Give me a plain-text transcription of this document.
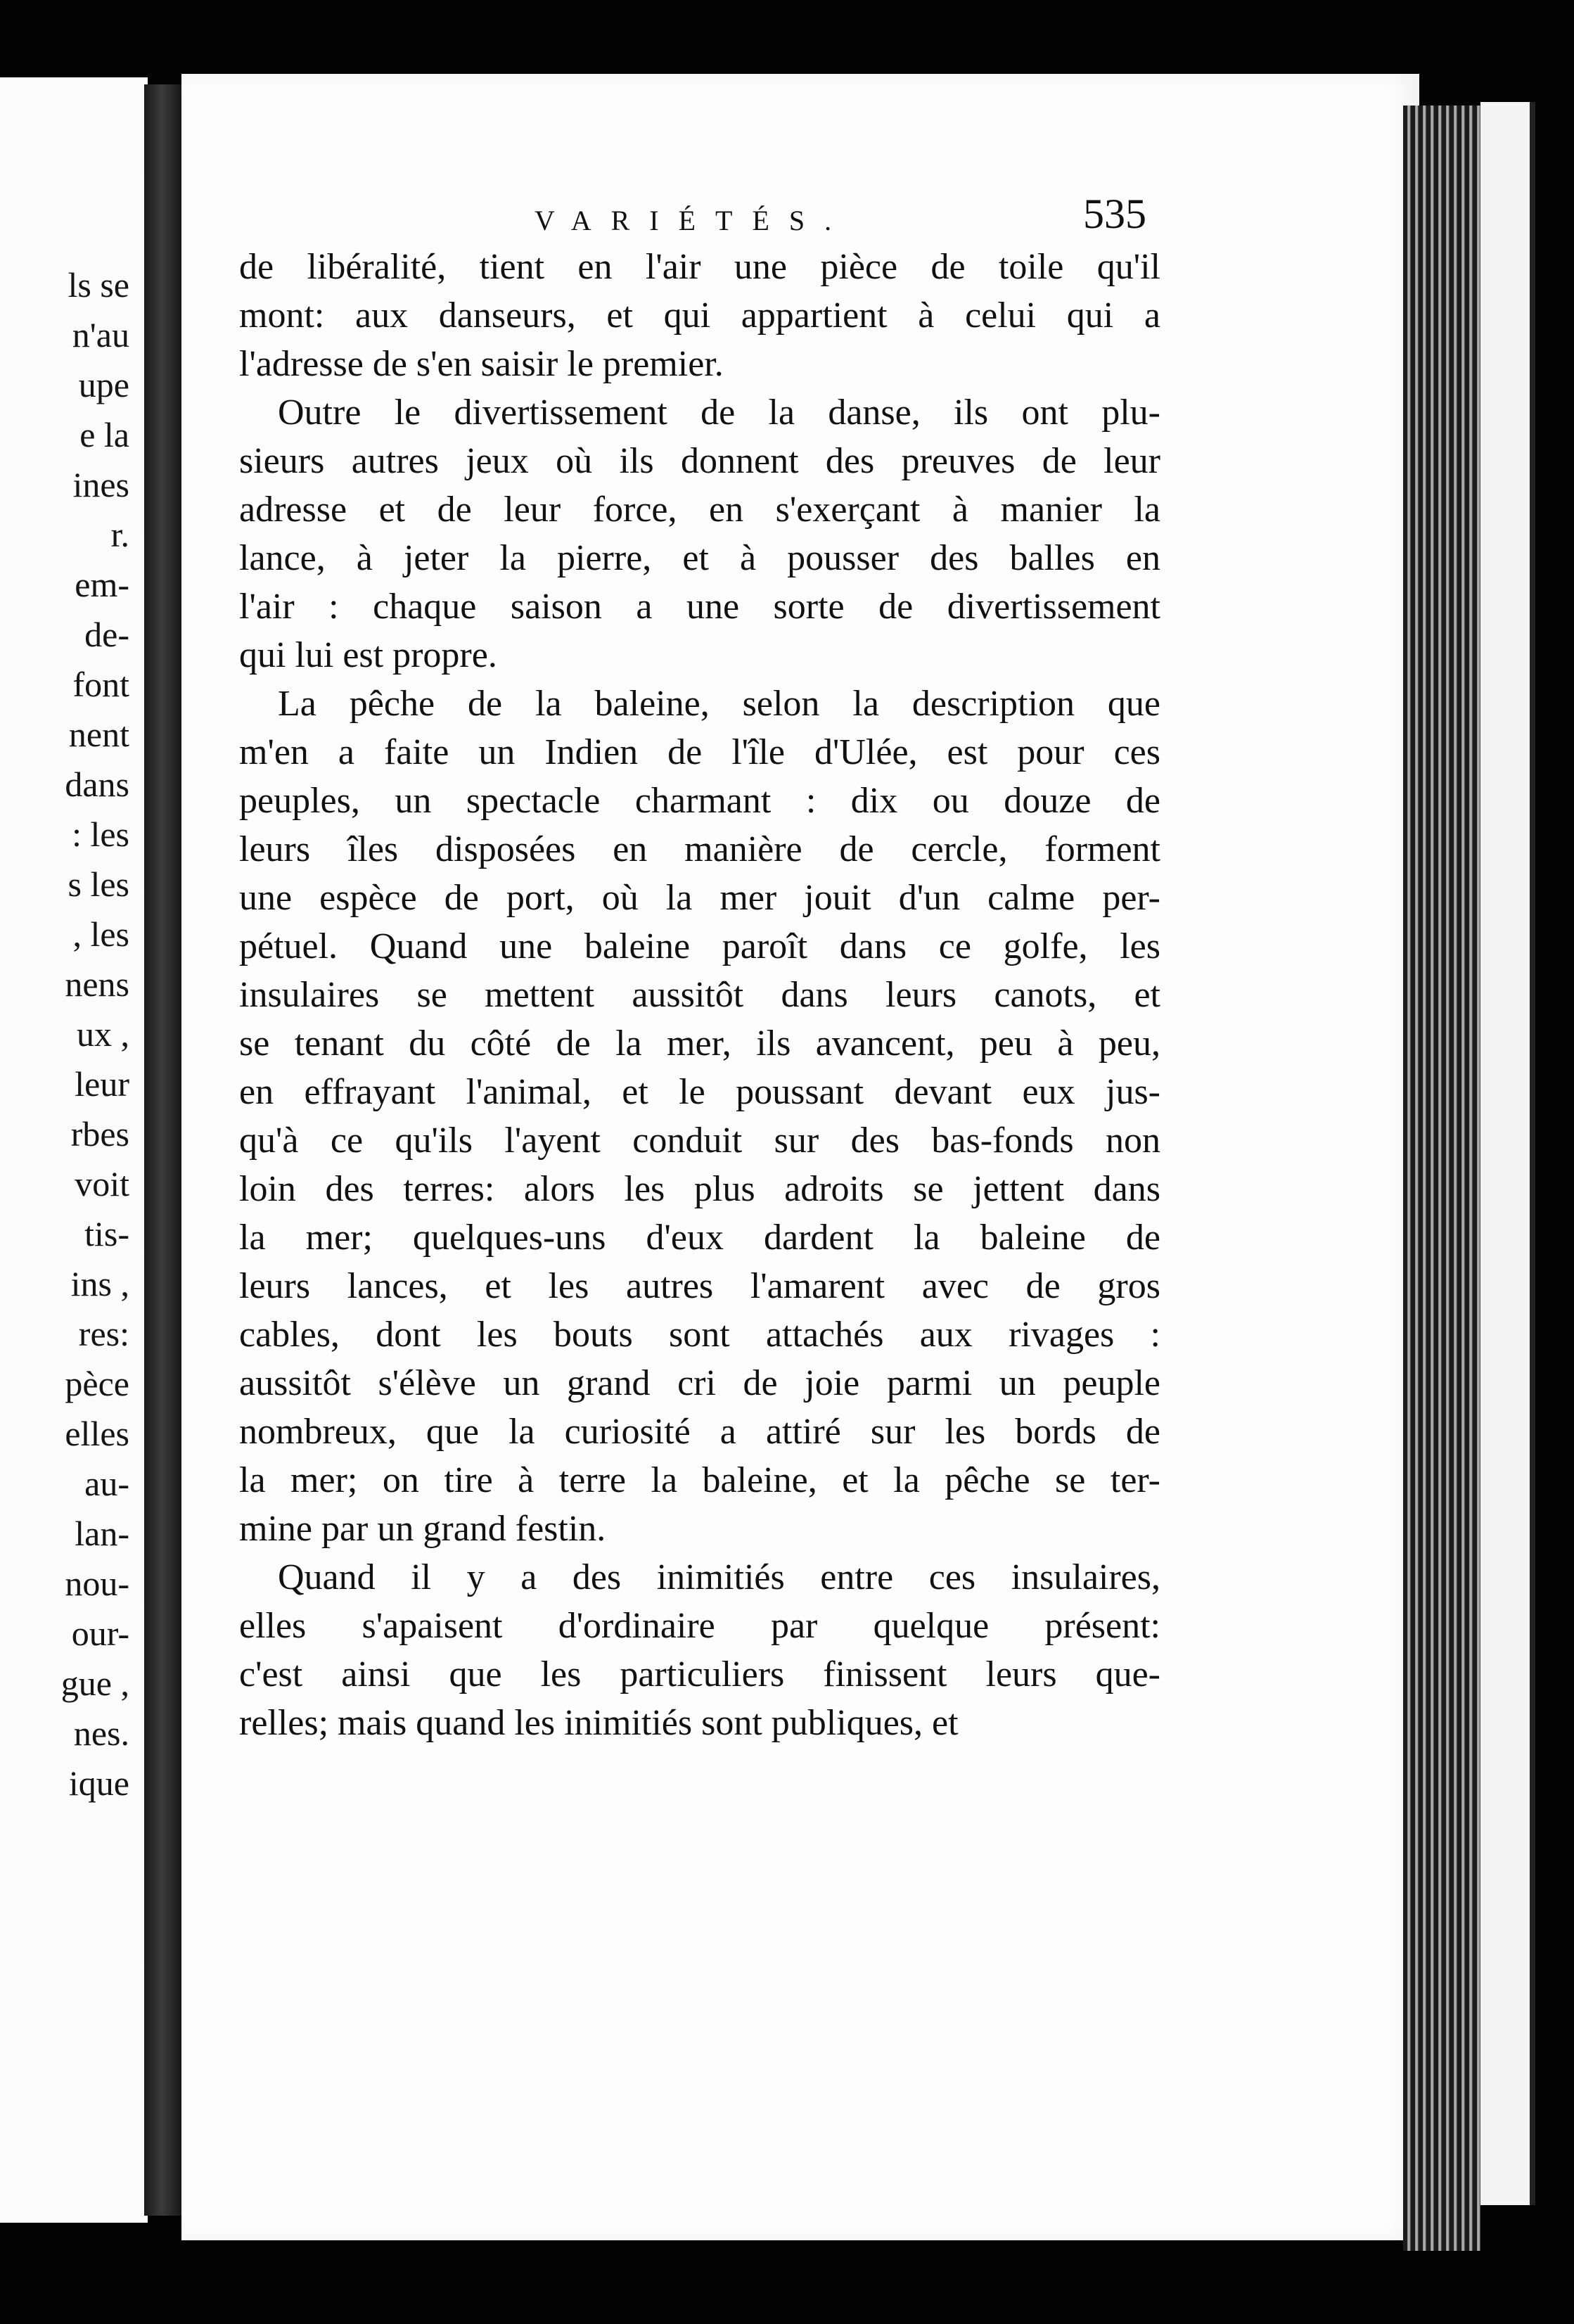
ls se
n'au
upe
e la
ines
r.
em-
de-
font
nent
dans
: les
s les
, les
nens
ux ,
leur
rbes
voit
tis-
ins ,
res:
pèce
elles
au-
lan-
nou-
our-
gue ,
nes.
ique
VARIÉTÉS.	535
de libéralité, tient en l'air une pièce de toile qu'il
mont: aux danseurs, et qui appartient à celui qui a
l'adresse de s'en saisir le premier.
Outre le divertissement de la danse, ils ont plu-
sieurs autres jeux où ils donnent des preuves de leur
adresse et de leur force, en s'exerçant à manier la
lance, à jeter la pierre, et à pousser des balles en
l'air : chaque saison a une sorte de divertissement
qui lui est propre.
La pêche de la baleine, selon la description que
m'en a faite un Indien de l'île d'Ulée, est pour ces
peuples, un spectacle charmant : dix ou douze de
leurs îles disposées en manière de cercle, forment
une espèce de port, où la mer jouit d'un calme per-
pétuel. Quand une baleine paroît dans ce golfe, les
insulaires se mettent aussitôt dans leurs canots, et
se tenant du côté de la mer, ils avancent, peu à peu,
en effrayant l'animal, et le poussant devant eux jus-
qu'à ce qu'ils l'ayent conduit sur des bas-fonds non
loin des terres: alors les plus adroits se jettent dans
la mer; quelques-uns d'eux dardent la baleine de
leurs lances, et les autres l'amarent avec de gros
cables, dont les bouts sont attachés aux rivages :
aussitôt s'élève un grand cri de joie parmi un peuple
nombreux, que la curiosité a attiré sur les bords de
la mer; on tire à terre la baleine, et la pêche se ter-
mine par un grand festin.
Quand il y a des inimitiés entre ces insulaires,
elles s'apaisent d'ordinaire par quelque présent:
c'est ainsi que les particuliers finissent leurs que-
relles; mais quand les inimitiés sont publiques, et
